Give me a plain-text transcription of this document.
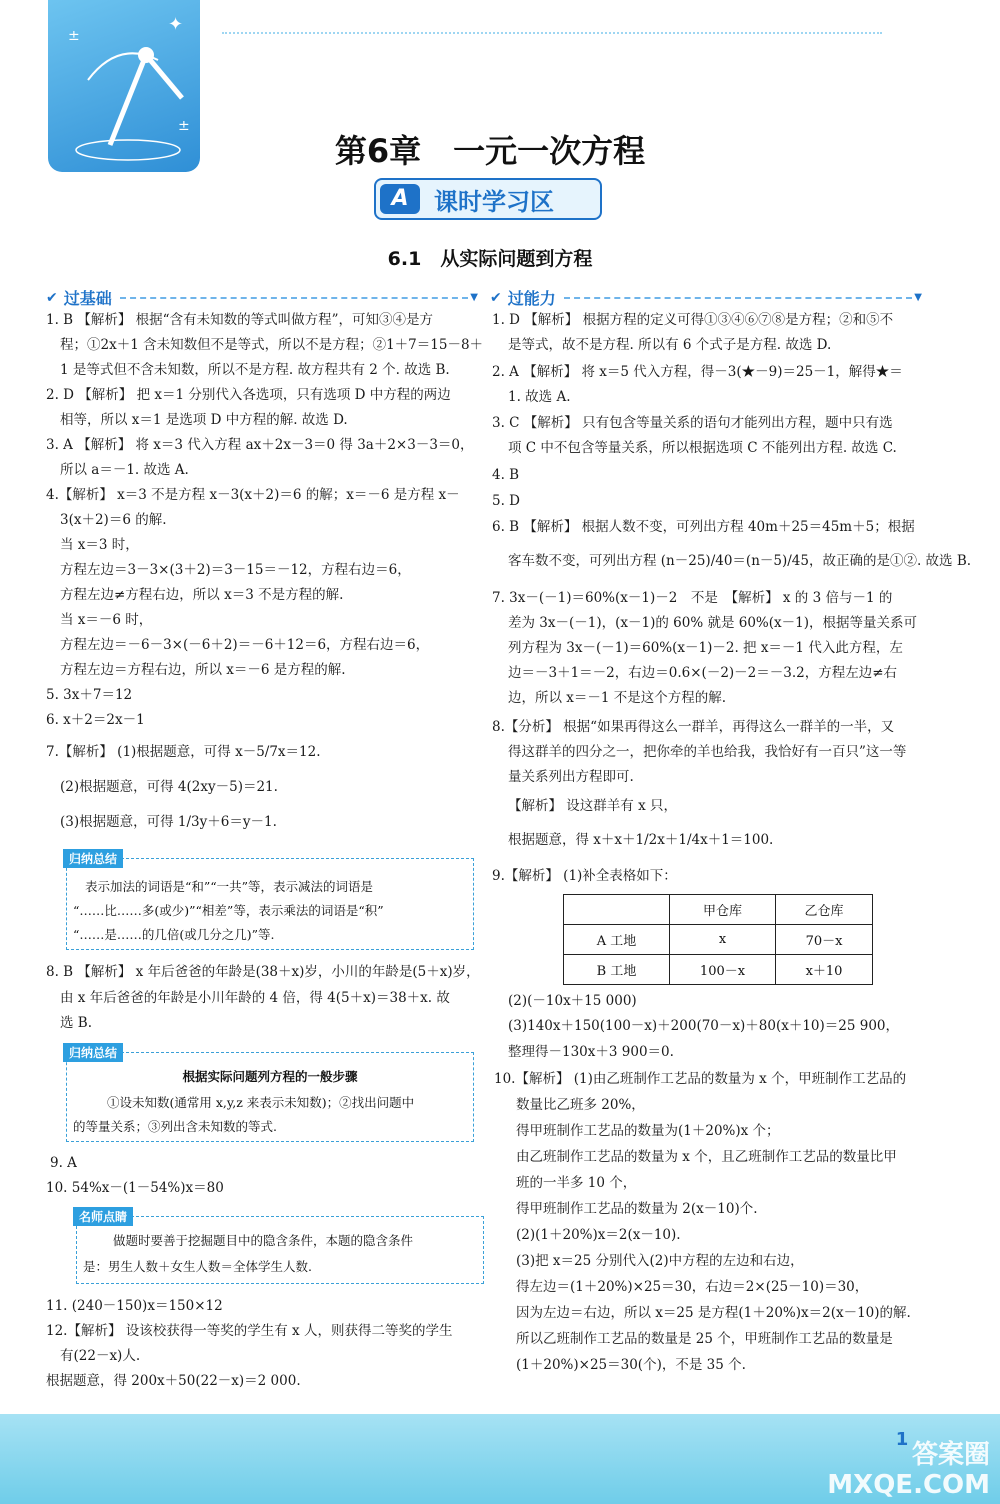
✦
±
±
第6章　一元一次方程
A	课时学习区
6.1　从实际问题到方程
✔ 过基础	▼ ✔ 过能力	▼
1. B 【解析】 根据“含有未知数的等式叫做方程”，可知③④是方
程；①2x＋1 含未知数但不是等式，所以不是方程；②1＋7＝15－8＋
1 是等式但不含未知数，所以不是方程. 故方程共有 2 个. 故选 B.
2. D 【解析】 把 x＝1 分别代入各选项，只有选项 D 中方程的两边
相等，所以 x＝1 是选项 D 中方程的解. 故选 D.
3. A 【解析】 将 x＝3 代入方程 ax＋2x－3＝0 得 3a＋2×3－3＝0，
所以 a＝－1. 故选 A.
4.【解析】 x＝3 不是方程 x－3(x＋2)＝6 的解；x＝－6 是方程 x－
3(x＋2)＝6 的解.
当 x＝3 时，
方程左边＝3－3×(3＋2)＝3－15＝－12，方程右边＝6，
方程左边≠方程右边，所以 x＝3 不是方程的解.
当 x＝－6 时，
方程左边＝－6－3×(－6＋2)＝－6＋12＝6，方程右边＝6，
方程左边＝方程右边，所以 x＝－6 是方程的解.
5. 3x＋7＝12
6. x＋2＝2x－1
7.【解析】 (1)根据题意，可得 x－5/7x＝12.
(2)根据题意，可得 4(2xy－5)＝21.
(3)根据题意，可得 1/3y＋6＝y－1.
归纳总结
表示加法的词语是“和”“一共”等，表示减法的词语是
“……比……多(或少)”“相差”等，表示乘法的词语是“积”
“……是……的几倍(或几分之几)”等.
8. B 【解析】 x 年后爸爸的年龄是(38＋x)岁，小川的年龄是(5＋x)岁，
由 x 年后爸爸的年龄是小川年龄的 4 倍，得 4(5＋x)＝38＋x. 故
选 B.
归纳总结
根据实际问题列方程的一般步骤
①设未知数(通常用 x,y,z 来表示未知数)；②找出问题中
的等量关系；③列出含未知数的等式.
9. A
10. 54%x－(1－54%)x＝80
名师点睛
做题时要善于挖掘题目中的隐含条件，本题的隐含条件
是：男生人数＋女生人数＝全体学生人数.
11. (240－150)x＝150×12
12.【解析】 设该校获得一等奖的学生有 x 人，则获得二等奖的学生
有(22－x)人.
根据题意，得 200x＋50(22－x)＝2 000.
1. D 【解析】 根据方程的定义可得①③④⑥⑦⑧是方程；②和⑤不
是等式，故不是方程. 所以有 6 个式子是方程. 故选 D.
2. A 【解析】 将 x＝5 代入方程，得－3(★－9)＝25－1，解得★＝
1. 故选 A.
3. C 【解析】 只有包含等量关系的语句才能列出方程，题中只有选
项 C 中不包含等量关系，所以根据选项 C 不能列出方程. 故选 C.
4. B
5. D
6. B 【解析】 根据人数不变，可列出方程 40m＋25＝45m＋5；根据
客车数不变，可列出方程 (n－25)/40＝(n－5)/45，故正确的是①②. 故选 B.
7. 3x－(－1)＝60%(x－1)－2　不是　【解析】 x 的 3 倍与－1 的
差为 3x－(－1)，(x－1)的 60% 就是 60%(x－1)，根据等量关系可
列方程为 3x－(－1)＝60%(x－1)－2. 把 x＝－1 代入此方程，左
边＝－3＋1＝－2，右边＝0.6×(－2)－2＝－3.2，方程左边≠右
边，所以 x＝－1 不是这个方程的解.
8.【分析】 根据“如果再得这么一群羊，再得这么一群羊的一半，又
得这群羊的四分之一，把你牵的羊也给我，我恰好有一百只”这一等
量关系列出方程即可.
【解析】 设这群羊有 x 只，
根据题意，得 x＋x＋1/2x＋1/4x＋1＝100.
9.【解析】 (1)补全表格如下：
	甲仓库	乙仓库
A 工地	x	70－x
B 工地	100－x	x＋10
(2)(－10x＋15 000)
(3)140x＋150(100－x)＋200(70－x)＋80(x＋10)＝25 900，
整理得－130x＋3 900＝0.
10.【解析】 (1)由乙班制作工艺品的数量为 x 个，甲班制作工艺品的
数量比乙班多 20%，
得甲班制作工艺品的数量为(1＋20%)x 个；
由乙班制作工艺品的数量为 x 个，且乙班制作工艺品的数量比甲
班的一半多 10 个，
得甲班制作工艺品的数量为 2(x－10)个.
(2)(1＋20%)x＝2(x－10).
(3)把 x＝25 分别代入(2)中方程的左边和右边，
得左边＝(1＋20%)×25＝30，右边＝2×(25－10)＝30，
因为左边＝右边，所以 x＝25 是方程(1＋20%)x＝2(x－10)的解.
所以乙班制作工艺品的数量是 25 个，甲班制作工艺品的数量是
(1＋20%)×25＝30(个)，不是 35 个.
1
答案圈 MXQE.COM
